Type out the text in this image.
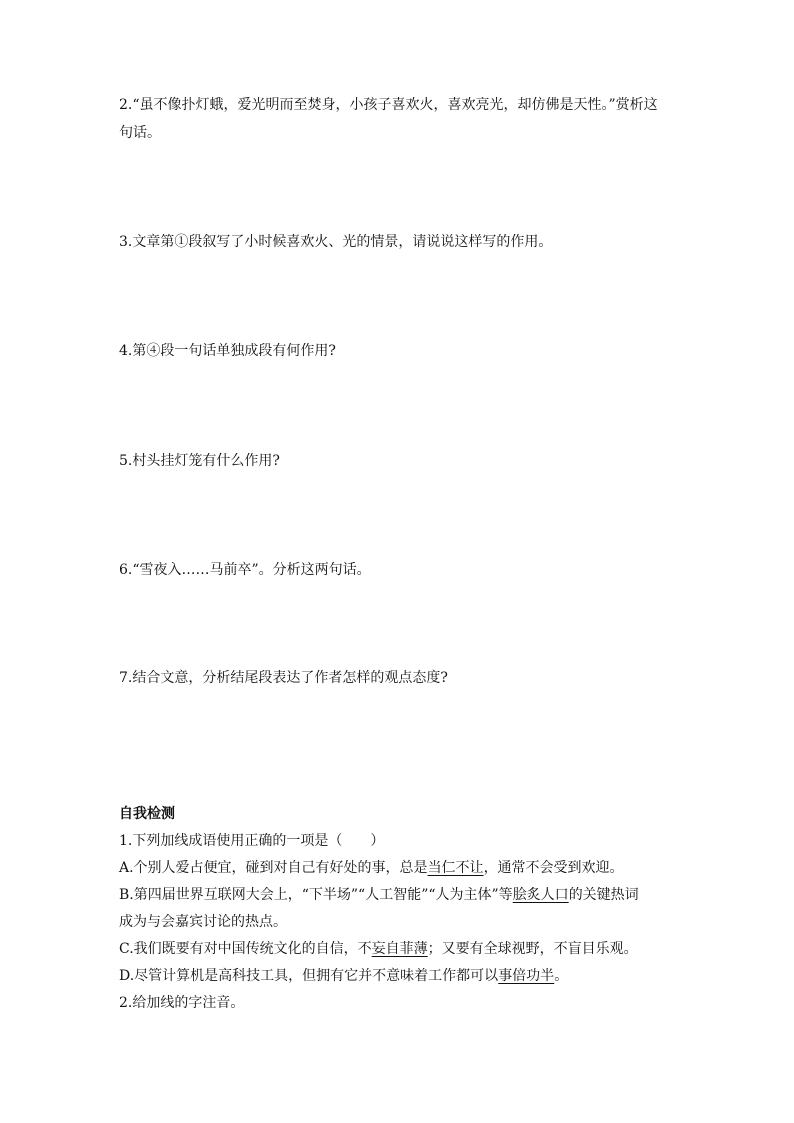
2.“虽不像扑灯蛾，爱光明而至焚身，小孩子喜欢火，喜欢亮光，却仿佛是天性。”赏析这
句话。
3.文章第①段叙写了小时候喜欢火、光的情景，请说说这样写的作用。
4.第④段一句话单独成段有何作用?
5.村头挂灯笼有什么作用?
6.“雪夜入……马前卒”。分析这两句话。
7.结合文意，分析结尾段表达了作者怎样的观点态度?
自我检测
1.下列加线成语使用正确的一项是（　　）
A.个别人爱占便宜，碰到对自己有好处的事，总是当仁不让，通常不会受到欢迎。
B.第四届世界互联网大会上，“下半场”“人工智能”“人为主体”等脍炙人口的关键热词
成为与会嘉宾讨论的热点。
C.我们既要有对中国传统文化的自信，不妄自菲薄；又要有全球视野，不盲目乐观。
D.尽管计算机是高科技工具，但拥有它并不意味着工作都可以事倍功半。
2.给加线的字注音。
